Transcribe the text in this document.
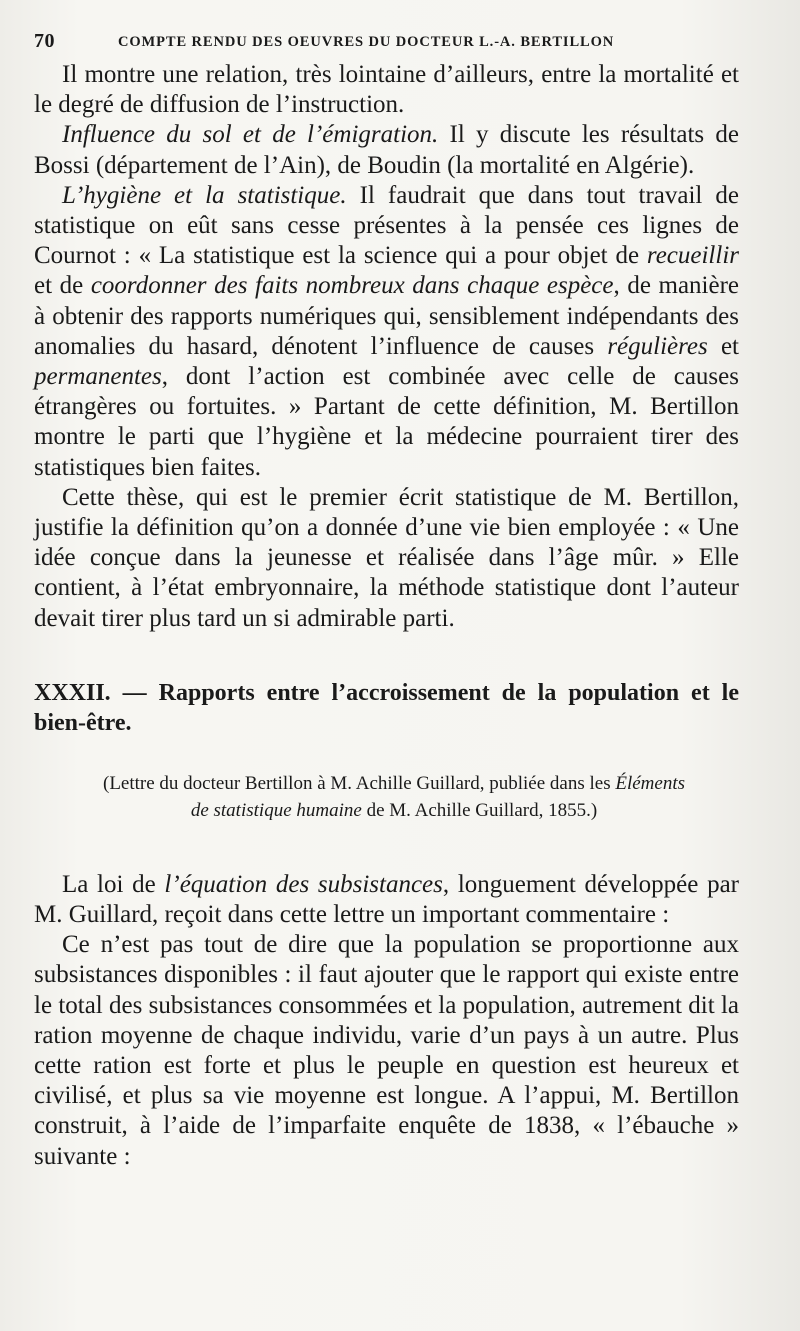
70	COMPTE RENDU DES OEUVRES DU DOCTEUR L.-A. BERTILLON

Il montre une relation, très lointaine d’ailleurs, entre la mortalité et le degré de diffusion de l’instruction.

Influence du sol et de l’émigration. Il y discute les résultats de Bossi (département de l’Ain), de Boudin (la mortalité en Algérie).

L’hygiène et la statistique. Il faudrait que dans tout travail de statistique on eût sans cesse présentes à la pensée ces lignes de Cournot : « La statistique est la science qui a pour objet de recueillir et de coordonner des faits nombreux dans chaque espèce, de manière à obtenir des rapports numériques qui, sensiblement indépendants des anomalies du hasard, dénotent l’influence de causes régulières et permanentes, dont l’action est combinée avec celle de causes étrangères ou fortuites. » Partant de cette définition, M. Bertillon montre le parti que l’hygiène et la médecine pourraient tirer des statistiques bien faites.

Cette thèse, qui est le premier écrit statistique de M. Bertillon, justifie la définition qu’on a donnée d’une vie bien employée : « Une idée conçue dans la jeunesse et réalisée dans l’âge mûr. » Elle contient, à l’état embryonnaire, la méthode statistique dont l’auteur devait tirer plus tard un si admirable parti.

XXXII. — Rapports entre l’accroissement de la population et le bien-être.

(Lettre du docteur Bertillon à M. Achille Guillard, publiée dans les Éléments de statistique humaine de M. Achille Guillard, 1855.)

La loi de l’équation des subsistances, longuement développée par M. Guillard, reçoit dans cette lettre un important commentaire :

Ce n’est pas tout de dire que la population se proportionne aux subsistances disponibles : il faut ajouter que le rapport qui existe entre le total des subsistances consommées et la population, autrement dit la ration moyenne de chaque individu, varie d’un pays à un autre. Plus cette ration est forte et plus le peuple en question est heureux et civilisé, et plus sa vie moyenne est longue. A l’appui, M. Bertillon construit, à l’aide de l’imparfaite enquête de 1838, « l’ébauche » suivante :
